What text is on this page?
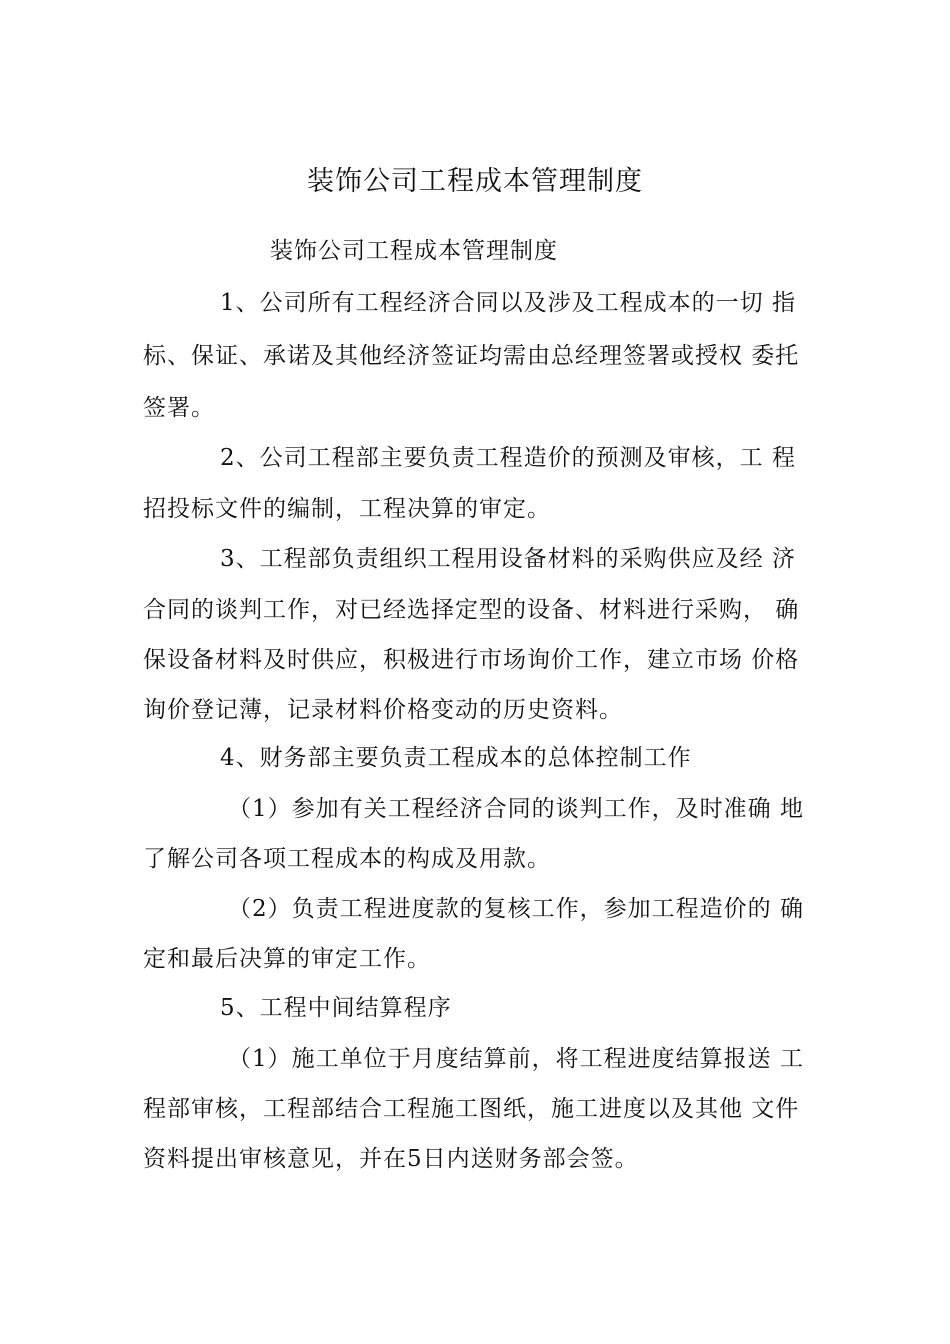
装饰公司工程成本管理制度
装饰公司工程成本管理制度
1、公司所有工程经济合同以及涉及工程成本的一切 指
标、保证、承诺及其他经济签证均需由总经理签署或授权 委托
签署。
2、公司工程部主要负责工程造价的预测及审核，工 程
招投标文件的编制，工程决算的审定。
3、工程部负责组织工程用设备材料的采购供应及经 济
合同的谈判工作，对已经选择定型的设备、材料进行采购， 确
保设备材料及时供应，积极进行市场询价工作，建立市场 价格
询价登记薄，记录材料价格变动的历史资料。
4、财务部主要负责工程成本的总体控制工作
（1）参加有关工程经济合同的谈判工作，及时准确 地
了解公司各项工程成本的构成及用款。
（2）负责工程进度款的复核工作，参加工程造价的 确
定和最后决算的审定工作。
5、工程中间结算程序
（1）施工单位于月度结算前，将工程进度结算报送 工
程部审核，工程部结合工程施工图纸，施工进度以及其他 文件
资料提出审核意见，并在5日内送财务部会签。
